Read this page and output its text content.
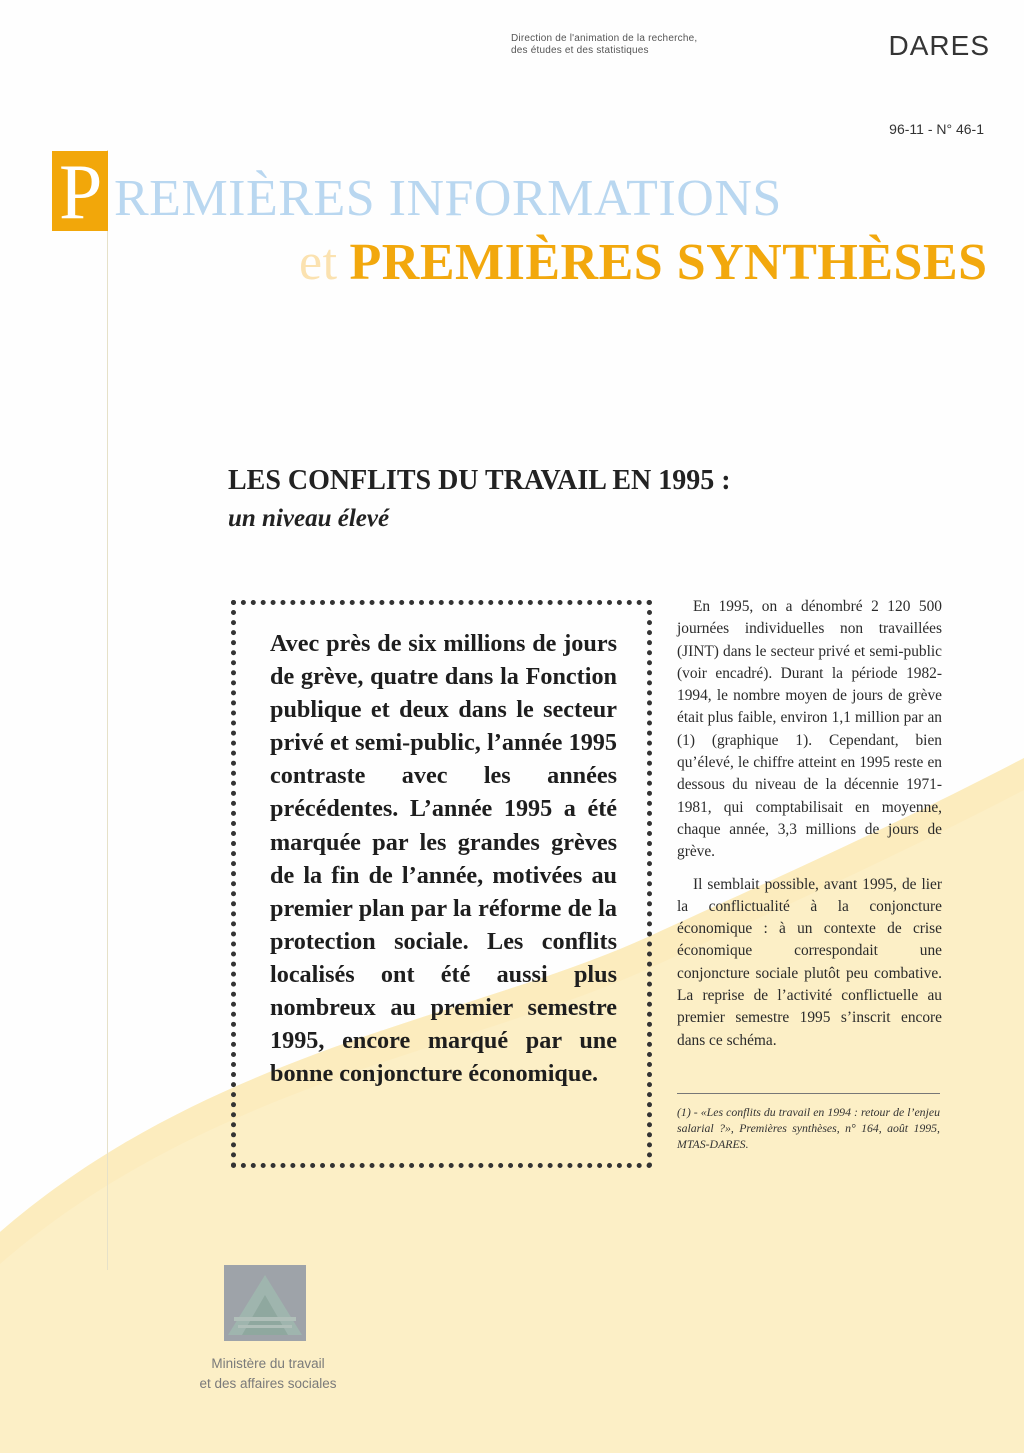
Direction de l'animation de la recherche,
des études et des statistiques	DARES
96-11 - N° 46-1
P REMIÈRES INFORMATIONS
et PREMIÈRES SYNTHÈSES
LES CONFLITS DU TRAVAIL EN 1995 :
un niveau élevé

Avec près de six millions de jours de grève, quatre dans la Fonction publique et deux dans le secteur privé et semi-public, l’année 1995 contraste avec les années précédentes. L’année 1995 a été marquée par les grandes grèves de la fin de l’année, motivées au premier plan par la réforme de la protection sociale. Les conflits localisés ont été aussi plus nombreux au premier semestre 1995, encore marqué par une bonne conjoncture économique.

En 1995, on a dénombré 2 120 500 journées individuelles non travaillées (JINT) dans le secteur privé et semi-public (voir encadré). Durant la période 1982-1994, le nombre moyen de jours de grève était plus faible, environ 1,1 million par an (1) (graphique 1). Cependant, bien qu’élevé, le chiffre atteint en 1995 reste en dessous du niveau de la décennie 1971-1981, qui comptabilisait en moyenne, chaque année, 3,3 millions de jours de grève.

Il semblait possible, avant 1995, de lier la conflictualité à la conjoncture économique : à un contexte de crise économique correspondait une conjoncture sociale plutôt peu combative. La reprise de l’activité conflictuelle au premier semestre 1995 s’inscrit encore dans ce schéma.

(1) - «Les conflits du travail en 1994 : retour de l’enjeu salarial ?», Premières synthèses, n° 164, août 1995, MTAS-DARES.
Ministère du travail
et des affaires sociales
